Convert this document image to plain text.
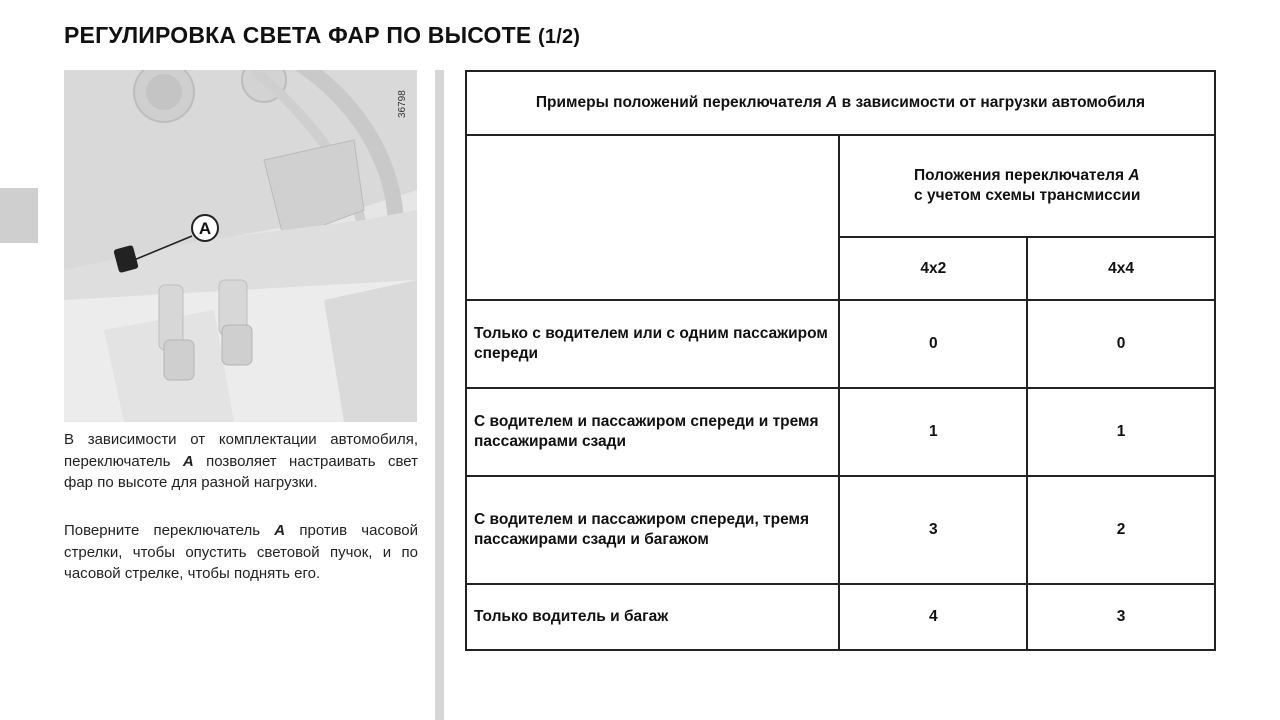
РЕГУЛИРОВКА СВЕТА ФАР ПО ВЫСОТЕ (1/2)
A
36798
В зависимости от комплектации автомобиля, переключатель A позволяет настраивать свет фар по высоте для разной нагрузки.
Поверните переключатель A против часовой стрелки, чтобы опустить световой пучок, и по часовой стрелке, чтобы поднять его.
Примеры положений переключателя A в зависимости от нагрузки автомобиля		
	Положения переключателя A
с учетом схемы трансмиссии	
	4x2	4x4
Только с водителем или с одним пассажиром спереди	0	0
С водителем и пассажиром спереди и тремя пассажирами сзади	1	1
С водителем и пассажиром спереди, тремя пассажирами сзади и багажом	3	2
Только водитель и багаж	4	3
